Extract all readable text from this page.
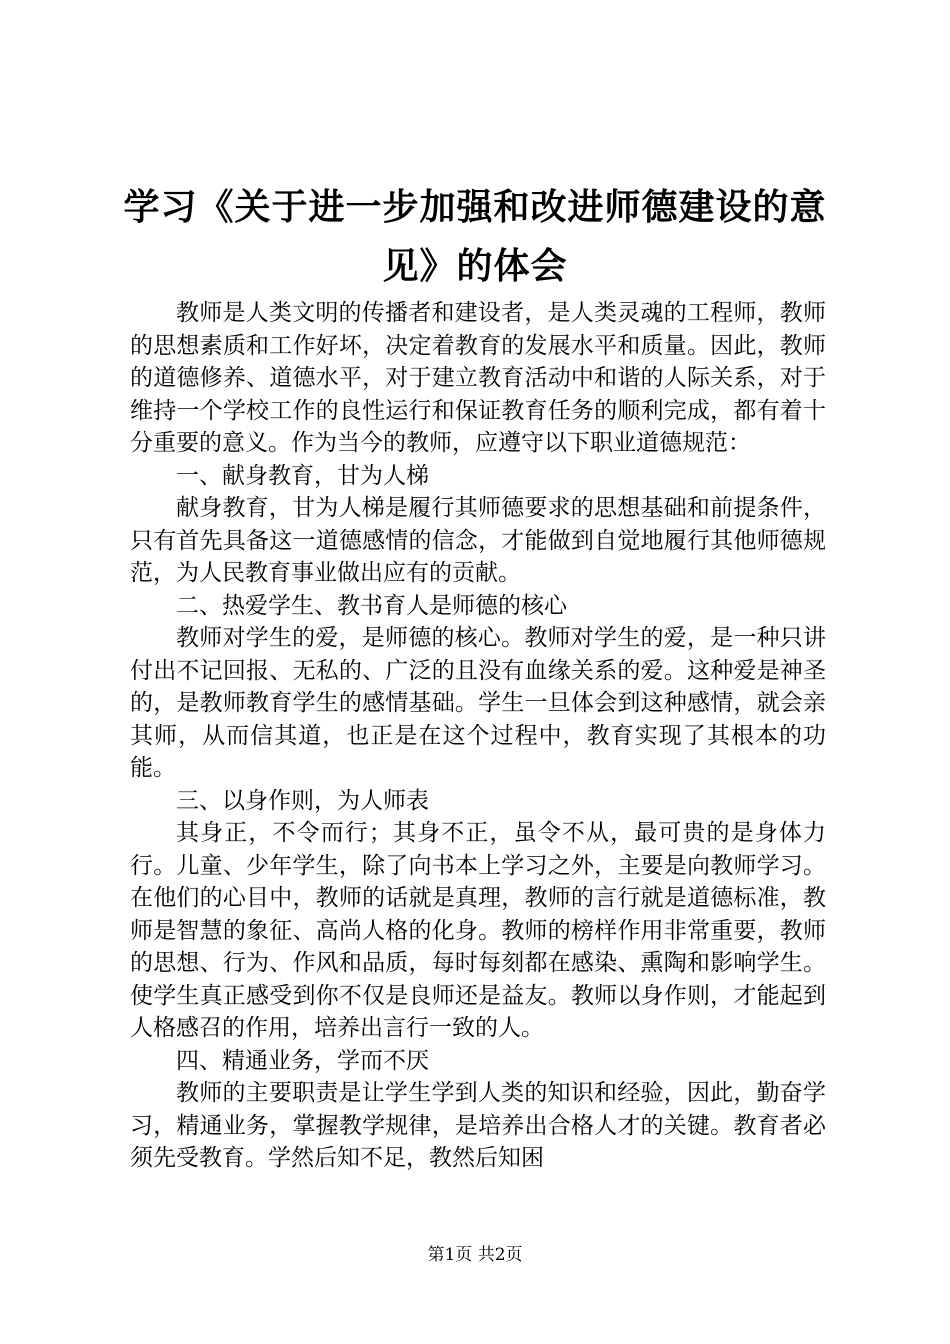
学习《关于进一步加强和改进师德建设的意
见》的体会

教师是人类文明的传播者和建设者，是人类灵魂的工程师，教师的思想素质和工作好坏，决定着教育的发展水平和质量。因此，教师的道德修养、道德水平，对于建立教育活动中和谐的人际关系，对于维持一个学校工作的良性运行和保证教育任务的顺利完成，都有着十分重要的意义。作为当今的教师，应遵守以下职业道德规范：

一、献身教育，甘为人梯

献身教育，甘为人梯是履行其师德要求的思想基础和前提条件，只有首先具备这一道德感情的信念，才能做到自觉地履行其他师德规范，为人民教育事业做出应有的贡献。

二、热爱学生、教书育人是师德的核心

教师对学生的爱，是师德的核心。教师对学生的爱，是一种只讲付出不记回报、无私的、广泛的且没有血缘关系的爱。这种爱是神圣的，是教师教育学生的感情基础。学生一旦体会到这种感情，就会亲其师，从而信其道，也正是在这个过程中，教育实现了其根本的功能。

三、以身作则，为人师表

其身正，不令而行；其身不正，虽令不从，最可贵的是身体力行。儿童、少年学生，除了向书本上学习之外，主要是向教师学习。在他们的心目中，教师的话就是真理，教师的言行就是道德标准，教师是智慧的象征、高尚人格的化身。教师的榜样作用非常重要，教师的思想、行为、作风和品质，每时每刻都在感染、熏陶和影响学生。使学生真正感受到你不仅是良师还是益友。教师以身作则，才能起到人格感召的作用，培养出言行一致的人。

四、精通业务，学而不厌

教师的主要职责是让学生学到人类的知识和经验，因此，勤奋学习，精通业务，掌握教学规律，是培养出合格人才的关键。教育者必须先受教育。学然后知不足，教然后知困

第1页 共2页
